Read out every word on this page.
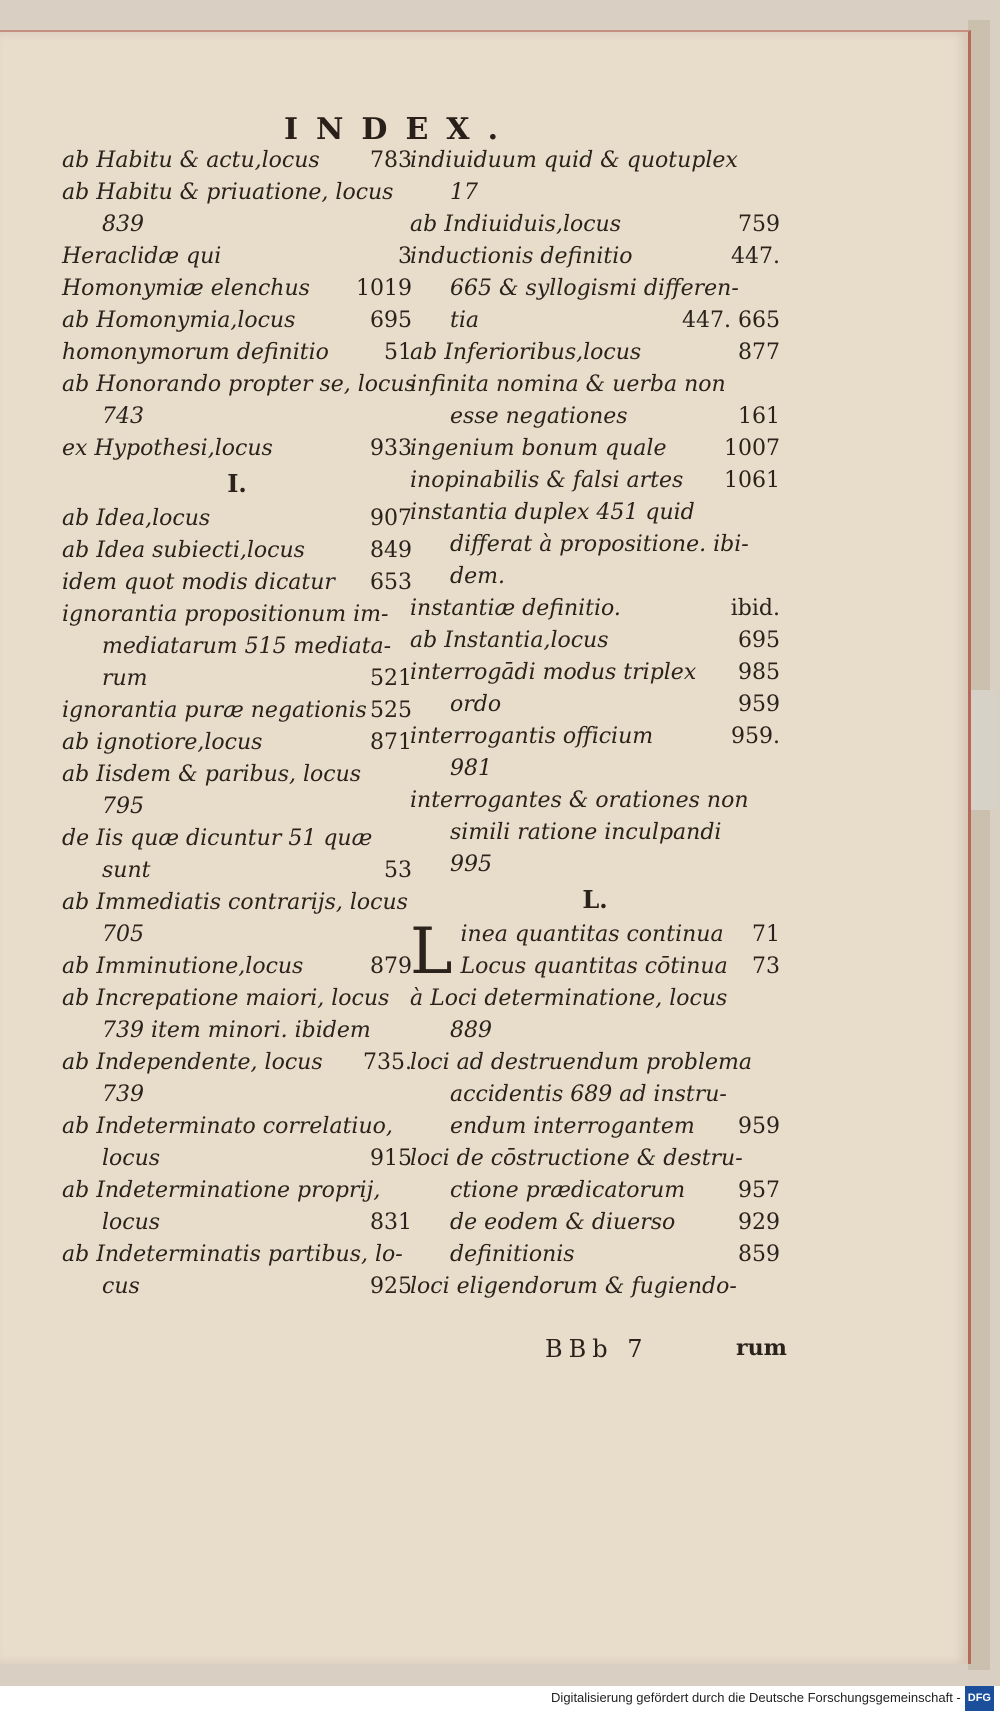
INDEX.

783
ab Habitu & actu,locus

ab Habitu & priuatione, locus

839

3
Heraclidæ qui

1019
Homonymiæ elenchus

695
ab Homonymia,locus

51
homonymorum definitio

ab Honorando propter se, locus

743

933
ex Hypothesi,locus

I.

907
ab Idea,locus

849
ab Idea subiecti,locus

653
idem quot modis dicatur

ignorantia propositionum im-

mediatarum 515 mediata-

521
rum

525
ignorantia puræ negationis

871
ab ignotiore,locus

ab Iisdem & paribus, locus

795

de Iis quæ dicuntur 51 quæ

53
sunt

ab Immediatis contrarijs, locus

705

879
ab Imminutione,locus

ab Increpatione maiori, locus

739 item minori. ibidem

735.
ab Independente, locus

739

ab Indeterminato correlatiuo,

915
locus

ab Indeterminatione proprij,

831
locus

ab Indeterminatis partibus, lo-

925
cus

indiuiduum quid & quotuplex

17

759
ab Indiuiduis,locus

447.
inductionis definitio

665 & syllogismi differen-

447. 665
tia

877
ab Inferioribus,locus

infinita nomina & uerba non

161
esse negationes

1007
ingenium bonum quale

1061
inopinabilis & falsi artes

instantia duplex 451 quid

differat à propositione. ibi-

dem.

ibid.
instantiæ definitio.

695
ab Instantia,locus

985
interrogādi modus triplex

959
ordo

959.
interrogantis officium

981

interrogantes & orationes non

simili ratione inculpandi

995

L.

L	71
inea quantitas continua

73
Locus quantitas cōtinua

à Loci determinatione, locus

889

loci ad destruendum problema

accidentis 689 ad instru-

959
endum interrogantem

loci de cōstructione & destru-

957
ctione prædicatorum

929
de eodem & diuerso

859
definitionis

loci eligendorum & fugiendo-

BBb 7	rum
Digitalisierung gefördert durch die Deutsche Forschungsgemeinschaft - DFG
